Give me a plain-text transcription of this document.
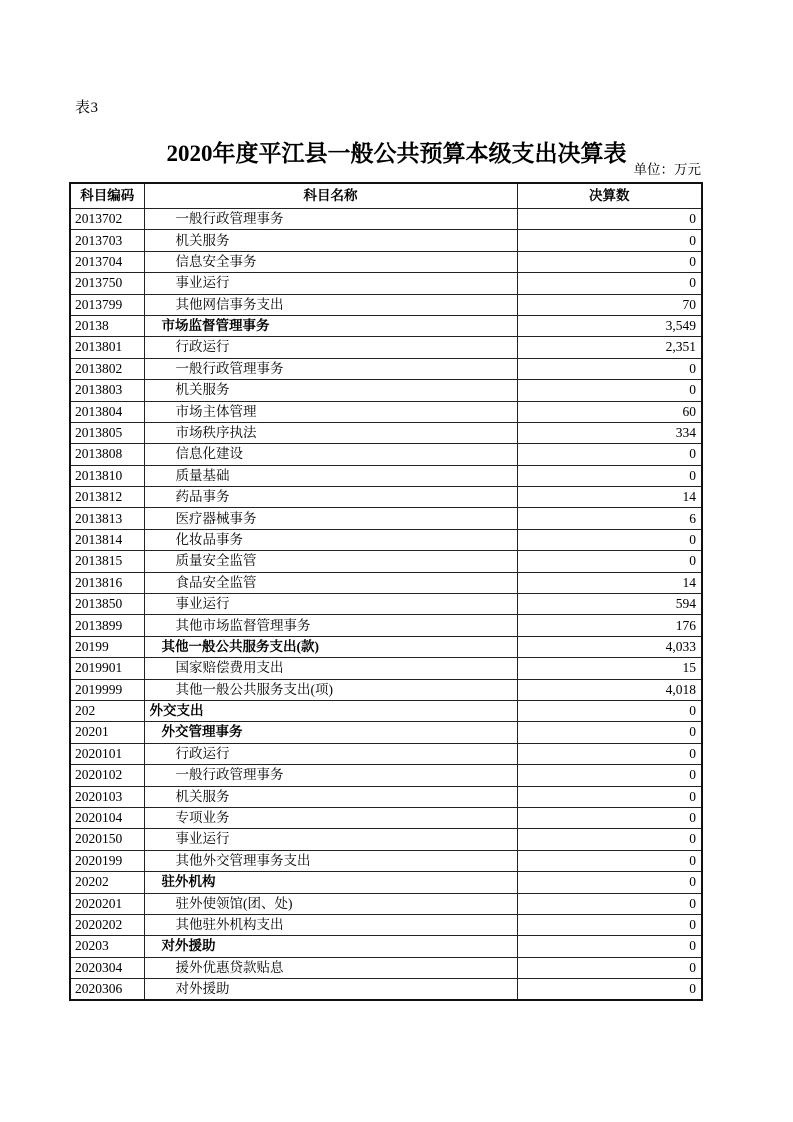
表3
2020年度平江县一般公共预算本级支出决算表
单位：万元
科目编码	科目名称	决算数
2013702	一般行政管理事务	0
2013703	机关服务	0
2013704	信息安全事务	0
2013750	事业运行	0
2013799	其他网信事务支出	70
20138	市场监督管理事务	3,549
2013801	行政运行	2,351
2013802	一般行政管理事务	0
2013803	机关服务	0
2013804	市场主体管理	60
2013805	市场秩序执法	334
2013808	信息化建设	0
2013810	质量基础	0
2013812	药品事务	14
2013813	医疗器械事务	6
2013814	化妆品事务	0
2013815	质量安全监管	0
2013816	食品安全监管	14
2013850	事业运行	594
2013899	其他市场监督管理事务	176
20199	其他一般公共服务支出(款)	4,033
2019901	国家赔偿费用支出	15
2019999	其他一般公共服务支出(项)	4,018
202	外交支出	0
20201	外交管理事务	0
2020101	行政运行	0
2020102	一般行政管理事务	0
2020103	机关服务	0
2020104	专项业务	0
2020150	事业运行	0
2020199	其他外交管理事务支出	0
20202	驻外机构	0
2020201	驻外使领馆(团、处)	0
2020202	其他驻外机构支出	0
20203	对外援助	0
2020304	援外优惠贷款贴息	0
2020306	对外援助	0
